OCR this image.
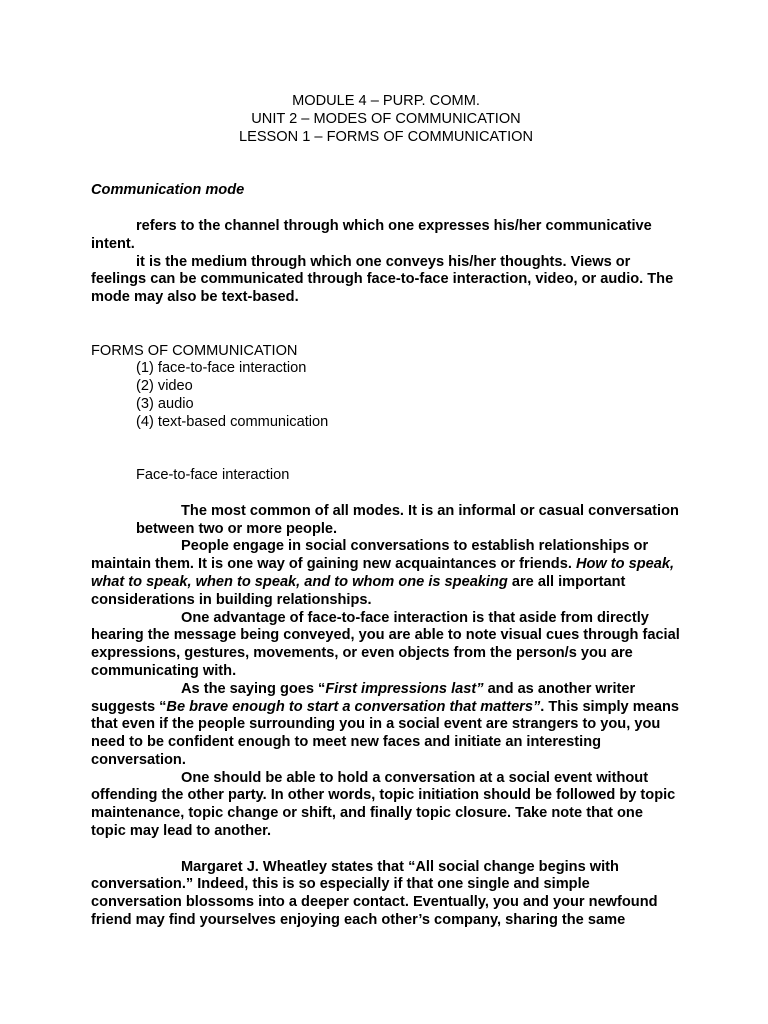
MODULE 4 – PURP. COMM.
UNIT 2 – MODES OF COMMUNICATION
LESSON 1 – FORMS OF COMMUNICATION
Communication mode
refers to the channel through which one expresses his/her communicative intent.
it is the medium through which one conveys his/her thoughts. Views or feelings can be communicated through face-to-face interaction, video, or audio. The mode may also be text-based.
FORMS OF COMMUNICATION
(1) face-to-face interaction
(2) video
(3) audio
(4) text-based communication
Face-to-face interaction
The most common of all modes. It is an informal or casual conversation between two or more people.
People engage in social conversations to establish relationships or maintain them. It is one way of gaining new acquaintances or friends. How to speak, what to speak, when to speak, and to whom one is speaking are all important considerations in building relationships.
One advantage of face-to-face interaction is that aside from directly hearing the message being conveyed, you are able to note visual cues through facial expressions, gestures, movements, or even objects from the person/s you are communicating with.
As the saying goes “First impressions last” and as another writer suggests “Be brave enough to start a conversation that matters”. This simply means that even if the people surrounding you in a social event are strangers to you, you need to be confident enough to meet new faces and initiate an interesting conversation.
One should be able to hold a conversation at a social event without offending the other party. In other words, topic initiation should be followed by topic maintenance, topic change or shift, and finally topic closure. Take note that one topic may lead to another.
Margaret J. Wheatley states that “All social change begins with conversation.” Indeed, this is so especially if that one single and simple conversation blossoms into a deeper contact. Eventually, you and your newfound friend may find yourselves enjoying each other’s company, sharing the same
